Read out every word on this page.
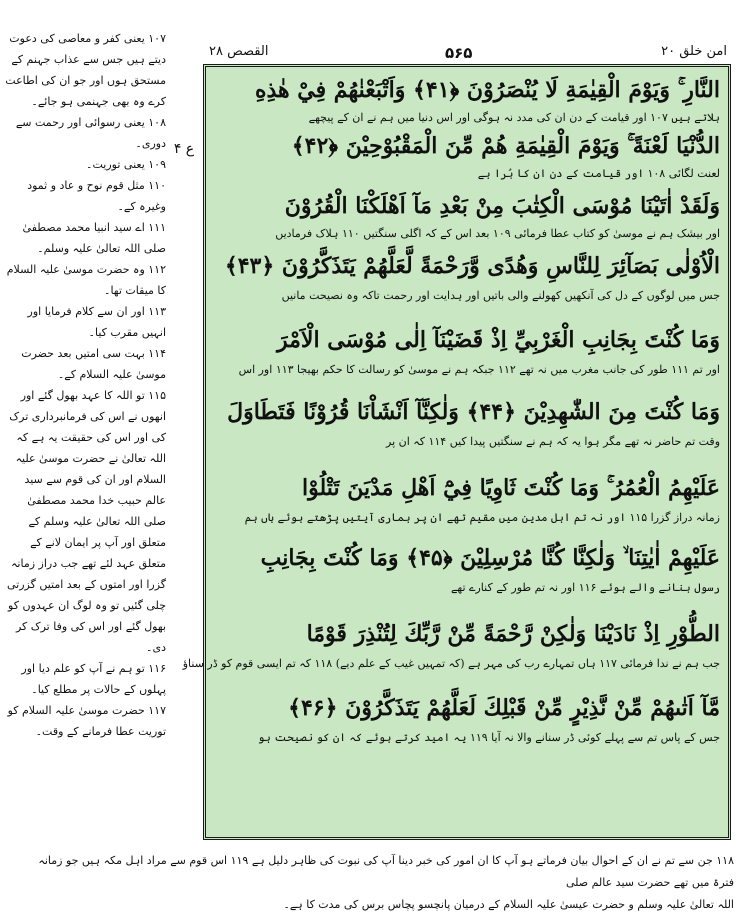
امن خلق ۲۰
۵۶۵
القصص ۲۸

۱۰۷ یعنی کفر و معاصی کی دعوت دیتے ہیں جس سے عذاب جہنم کے مستحق ہوں اور جو ان کی اطاعت کرے وہ بھی جہنمی ہو جائے۔

۱۰۸ یعنی رسوائی اور رحمت سے دوری۔

۱۰۹ یعنی توریت۔

۱۱۰ مثل قوم نوح و عاد و ثمود وغیرہ کے۔

۱۱۱ اے سید انبیا محمد مصطفیٰ صلی اللہ تعالیٰ علیہ وسلم۔

۱۱۲ وہ حضرت موسیٰ علیہ السلام کا میقات تھا۔

۱۱۳ اور ان سے کلام فرمایا اور انہیں مقرب کیا۔

۱۱۴ بہت سی امتیں بعد حضرت موسیٰ علیہ السلام کے۔

۱۱۵ تو اللہ کا عہد بھول گئے اور انھوں نے اس کی فرمانبرداری ترک کی اور اس کی حقیقت یہ ہے کہ اللہ تعالیٰ نے حضرت موسیٰ علیہ السلام اور ان کی قوم سے سید عالم حبیب خدا محمد مصطفیٰ صلی اللہ تعالیٰ علیہ وسلم کے متعلق اور آپ پر ایمان لانے کے متعلق عہد لئے تھے جب دراز زمانہ گزرا اور امتوں کے بعد امتیں گزرتی چلی گئیں تو وہ لوگ ان عہدوں کو بھول گئے اور اس کی وفا ترک کر دی۔

۱۱۶ تو ہم نے آپ کو علم دیا اور پہلوں کے حالات پر مطلع کیا۔

۱۱۷ حضرت موسیٰ علیہ السلام کو توریت عطا فرمانے کے وقت۔

ع ۴
النَّارِ ۚ وَيَوْمَ الْقِيٰمَةِ لَا يُنْصَرُوْنَ ﴿۴۱﴾ وَاَتْبَعْنٰهُمْ فِيْ هٰذِهِ
بلاتے ہیں ۱۰۷ اور قیامت کے دن ان کی مدد نہ ہوگی اور اس دنیا میں ہم نے ان کے پیچھے
الدُّنْيَا لَعْنَةً ۚ وَيَوْمَ الْقِيٰمَةِ هُمْ مِّنَ الْمَقْبُوْحِيْنَ ﴿۴۲﴾
لعنت لگائی ۱۰۸ اور قیامت کے دن ان کا بُرا ہے
وَلَقَدْ اٰتَيْنَا مُوْسَى الْكِتٰبَ مِنْ بَعْدِ مَآ اَهْلَكْنَا الْقُرُوْنَ
اور بیشک ہم نے موسیٰ کو کتاب عطا فرمائی ۱۰۹ بعد اس کے کہ اگلی سنگتیں ۱۱۰ ہلاک فرمادیں
الْاُوْلٰى بَصَآئِرَ لِلنَّاسِ وَهُدًى وَّرَحْمَةً لَّعَلَّهُمْ يَتَذَكَّرُوْنَ ﴿۴۳﴾
جس میں لوگوں کے دل کی آنکھیں کھولنے والی باتیں اور ہدایت اور رحمت تاکہ وہ نصیحت مانیں
وَمَا كُنْتَ بِجَانِبِ الْغَرْبِيِّ اِذْ قَضَيْنَآ اِلٰى مُوْسَى الْاَمْرَ
اور تم ۱۱۱ طور کی جانب مغرب میں نہ تھے ۱۱۲ جبکہ ہم نے موسیٰ کو رسالت کا حکم بھیجا ۱۱۳ اور اس
وَمَا كُنْتَ مِنَ الشّٰهِدِيْنَ ﴿۴۴﴾ وَلٰكِنَّآ اَنْشَاْنَا قُرُوْنًا فَتَطَاوَلَ
وقت تم حاضر نہ تھے مگر ہوا یہ کہ ہم نے سنگتیں پیدا کیں ۱۱۴ کہ ان پر
عَلَيْهِمُ الْعُمُرُ ۚ وَمَا كُنْتَ ثَاوِيًا فِيْٓ اَهْلِ مَدْيَنَ تَتْلُوْا
زمانہ دراز گزرا ۱۱۵ اور نہ تم اہل مدین میں مقیم تھے ان پر ہماری آیتیں پڑھتے ہوئے ہاں ہم
عَلَيْهِمْ اٰيٰتِنَا ۙ وَلٰكِنَّا كُنَّا مُرْسِلِيْنَ ﴿۴۵﴾ وَمَا كُنْتَ بِجَانِبِ
رسول بنانے والے ہوئے ۱۱۶ اور نہ تم طور کے کنارے تھے
الطُّوْرِ اِذْ نَادَيْنَا وَلٰكِنْ رَّحْمَةً مِّنْ رَّبِّكَ لِتُنْذِرَ قَوْمًا
جب ہم نے ندا فرمائی ۱۱۷ ہاں تمہارے رب کی مہر ہے (کہ تمہیں غیب کے علم دیے) ۱۱۸ کہ تم ایسی قوم کو ڈر سناؤ
مَّآ اَتٰىهُمْ مِّنْ نَّذِيْرٍ مِّنْ قَبْلِكَ لَعَلَّهُمْ يَتَذَكَّرُوْنَ ﴿۴۶﴾
جس کے پاس تم سے پہلے کوئی ڈر سنانے والا نہ آیا ۱۱۹ یہ امید کرتے ہوئے کہ ان کو نصیحت ہو

۱۱۸ جن سے تم نے ان کے احوال بیان فرماتے ہو آپ کا ان امور کی خبر دینا آپ کی نبوت کی ظاہر دلیل ہے ۱۱۹ اس قوم سے مراد اہل مکہ ہیں جو زمانہ فترۃ میں تھے حضرت سید عالم صلی

اللہ تعالیٰ علیہ وسلم و حضرت عیسیٰ علیہ السلام کے درمیان پانچسو پچاس برس کی مدت کا ہے۔
